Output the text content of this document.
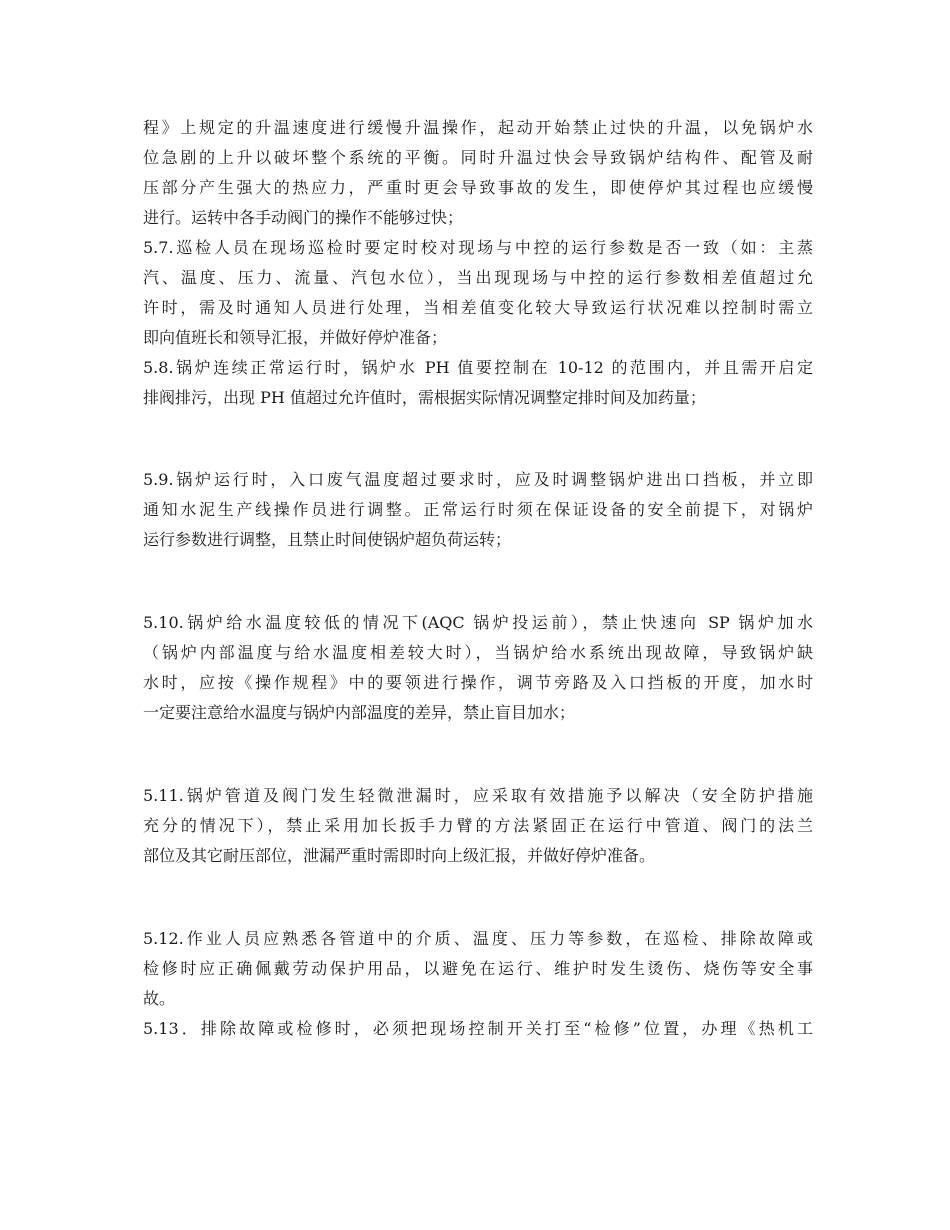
程》上规定的升温速度进行缓慢升温操作，起动开始禁止过快的升温，以免锅炉水
位急剧的上升以破坏整个系统的平衡。同时升温过快会导致锅炉结构件、配管及耐
压部分产生强大的热应力，严重时更会导致事故的发生，即使停炉其过程也应缓慢
进行。运转中各手动阀门的操作不能够过快；
5.7.巡检人员在现场巡检时要定时校对现场与中控的运行参数是否一致（如：主蒸
汽、温度、压力、流量、汽包水位），当出现现场与中控的运行参数相差值超过允
许时，需及时通知人员进行处理，当相差值变化较大导致运行状况难以控制时需立
即向值班长和领导汇报，并做好停炉准备；
5.8.锅炉连续正常运行时，锅炉水 PH 值要控制在 10-12 的范围内，并且需开启定
排阀排污，出现 PH 值超过允许值时，需根据实际情况调整定排时间及加药量；
5.9.锅炉运行时，入口废气温度超过要求时，应及时调整锅炉进出口挡板，并立即
通知水泥生产线操作员进行调整。正常运行时须在保证设备的安全前提下，对锅炉
运行参数进行调整，且禁止时间使锅炉超负荷运转；
5.10.锅炉给水温度较低的情况下(AQC 锅炉投运前），禁止快速向 SP 锅炉加水
（锅炉内部温度与给水温度相差较大时），当锅炉给水系统出现故障，导致锅炉缺
水时，应按《操作规程》中的要领进行操作，调节旁路及入口挡板的开度，加水时
一定要注意给水温度与锅炉内部温度的差异，禁止盲目加水；
5.11.锅炉管道及阀门发生轻微泄漏时，应采取有效措施予以解决（安全防护措施
充分的情况下），禁止采用加长扳手力臂的方法紧固正在运行中管道、阀门的法兰
部位及其它耐压部位，泄漏严重时需即时向上级汇报，并做好停炉准备。
5.12.作业人员应熟悉各管道中的介质、温度、压力等参数，在巡检、排除故障或
检修时应正确佩戴劳动保护用品，以避免在运行、维护时发生烫伤、烧伤等安全事
故。
5.13．排除故障或检修时，必须把现场控制开关打至“检修”位置，办理《热机工
